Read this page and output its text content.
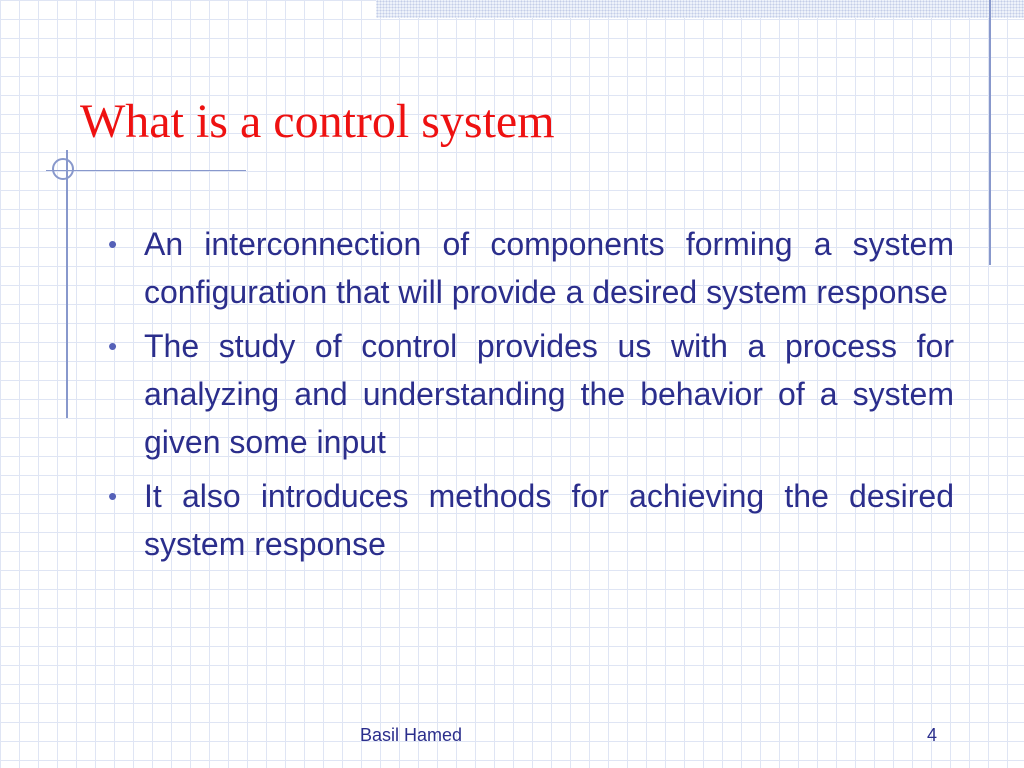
What is a control system
• An interconnection of components forming a system configuration that will provide a desired system response
• The study of control provides us with a process for analyzing and understanding the behavior of a system given some input
• It also introduces methods for achieving the desired system response
Basil Hamed	4
